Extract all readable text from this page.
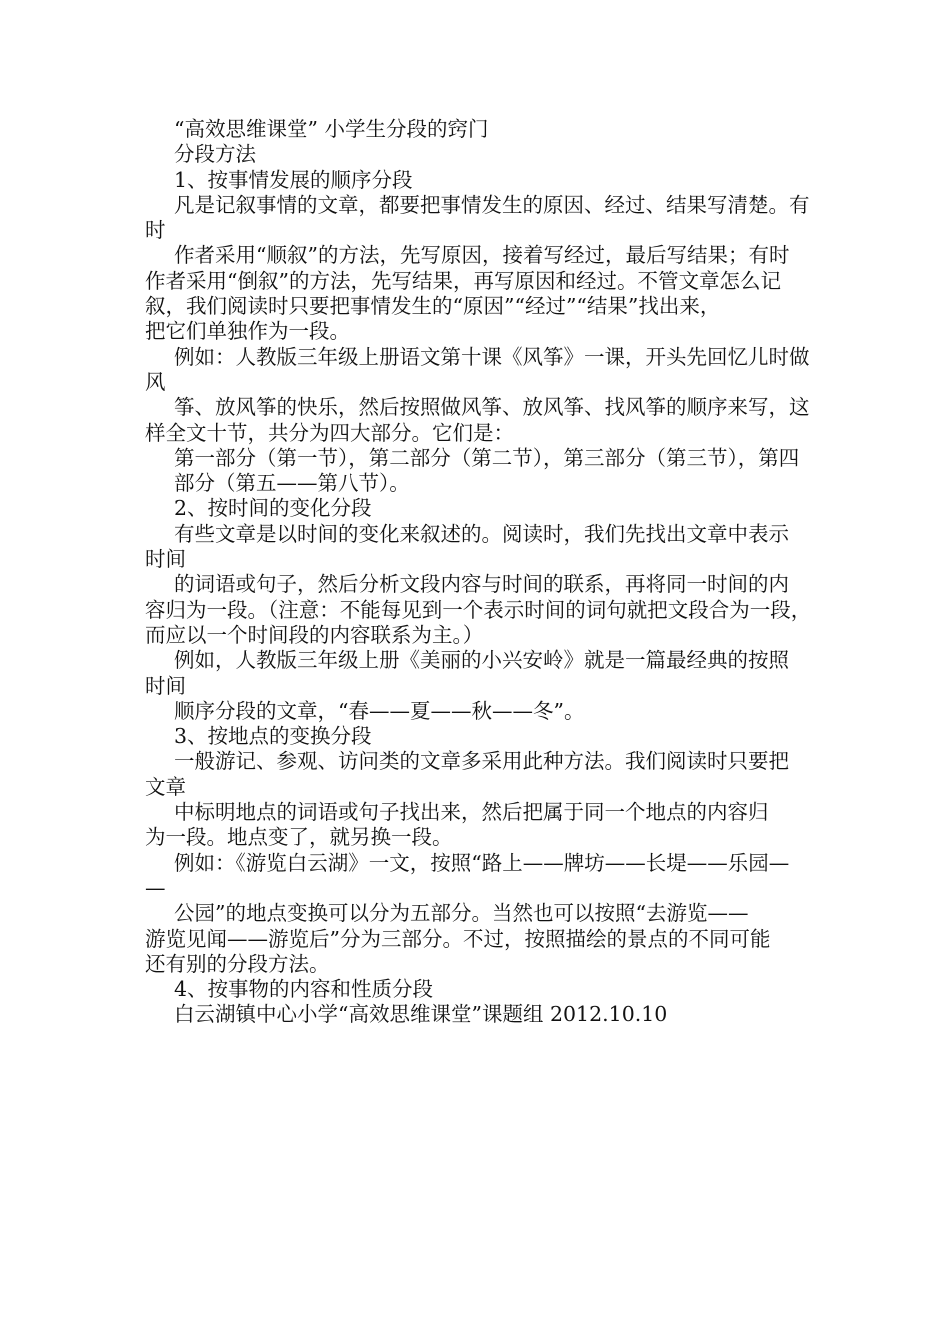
“高效思维课堂” 小学生分段的窍门
分段方法
1、按事情发展的顺序分段
凡是记叙事情的文章，都要把事情发生的原因、经过、结果写清楚。有
时
作者采用“顺叙”的方法，先写原因，接着写经过，最后写结果；有时
作者采用“倒叙”的方法，先写结果，再写原因和经过。不管文章怎么记
叙，我们阅读时只要把事情发生的“原因”“经过”“结果”找出来，
把它们单独作为一段。
例如：人教版三年级上册语文第十课《风筝》一课，开头先回忆儿时做
风
筝、放风筝的快乐，然后按照做风筝、放风筝、找风筝的顺序来写，这
样全文十节，共分为四大部分。它们是：
第一部分（第一节），第二部分（第二节），第三部分（第三节），第四
部分（第五——第八节）。
2、按时间的变化分段
有些文章是以时间的变化来叙述的。阅读时，我们先找出文章中表示
时间
的词语或句子，然后分析文段内容与时间的联系，再将同一时间的内
容归为一段。（注意：不能每见到一个表示时间的词句就把文段合为一段，
而应以一个时间段的内容联系为主。）
例如，人教版三年级上册《美丽的小兴安岭》就是一篇最经典的按照
时间
顺序分段的文章，“春——夏——秋——冬”。
3、按地点的变换分段
一般游记、参观、访问类的文章多采用此种方法。我们阅读时只要把
文章
中标明地点的词语或句子找出来，然后把属于同一个地点的内容归
为一段。地点变了，就另换一段。
例如：《游览白云湖》一文，按照“路上——牌坊——长堤——乐园—
—
公园”的地点变换可以分为五部分。当然也可以按照“去游览——
游览见闻——游览后”分为三部分。不过，按照描绘的景点的不同可能
还有别的分段方法。
4、按事物的内容和性质分段
白云湖镇中心小学“高效思维课堂”课题组 2012.10.10
